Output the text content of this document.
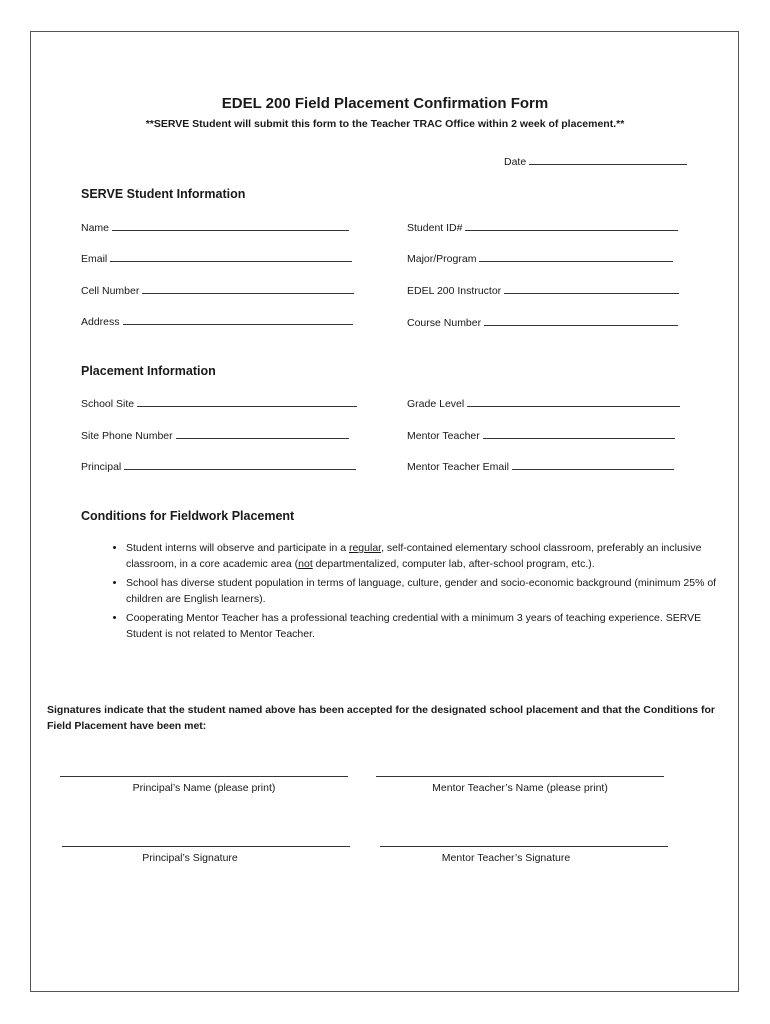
EDEL 200 Field Placement Confirmation Form
**SERVE Student will submit this form to the Teacher TRAC Office within 2 week of placement.**
Date
SERVE Student Information
Name	Student ID#
Email	Major/Program
Cell Number	EDEL 200 Instructor
Address	Course Number
Placement Information
School Site	Grade Level
Site Phone Number	Mentor Teacher
Principal	Mentor Teacher Email
Conditions for Fieldwork Placement
• Student interns will observe and participate in a regular, self-contained elementary school classroom, preferably an inclusive classroom, in a core academic area (not departmentalized, computer lab, after-school program, etc.).
• School has diverse student population in terms of language, culture, gender and socio-economic background (minimum 25% of children are English learners).
• Cooperating Mentor Teacher has a professional teaching credential with a minimum 3 years of teaching experience. SERVE Student is not related to Mentor Teacher.
Signatures indicate that the student named above has been accepted for the designated school placement and that the Conditions for Field Placement have been met:
Principal’s Name (please print)	Mentor Teacher’s Name (please print)
Principal’s Signature	Mentor Teacher’s Signature
